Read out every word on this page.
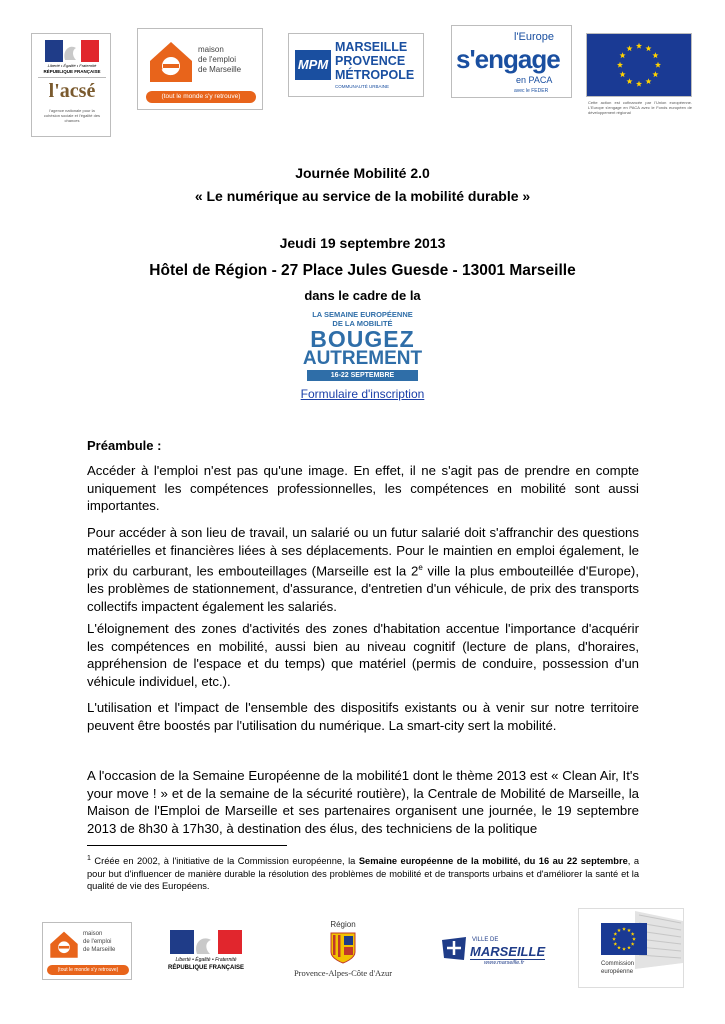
Liberté • Égalité • Fraternité
RÉPUBLIQUE FRANÇAISE
l'acsé
l'agence nationale pour la cohésion sociale et l'égalité des chances
maison
de l'emploi
de Marseille
(tout le monde s'y retrouve)
MPM
MARSEILLE
PROVENCE
MÉTROPOLE
COMMUNAUTÉ URBAINE
l'Europe
s'engage
en PACA
avec le FEDER
Cette action est cofinancée par l'Union européenne. L'Europe s'engage en PACA avec le Fonds européen de développement régional
Journée Mobilité 2.0
« Le numérique au service de la mobilité durable »
Jeudi 19 septembre 2013
Hôtel de Région - 27 Place Jules Guesde - 13001 Marseille
dans le cadre de la
LA SEMAINE EUROPÉENNE
DE LA MOBILITÉ
BOUGEZ
AUTREMENT
16-22 SEPTEMBRE
Formulaire d'inscription
Préambule :
Accéder à l'emploi n'est pas qu'une image. En effet, il ne s'agit pas de prendre en compte uniquement les compétences professionnelles, les compétences en mobilité sont aussi importantes.
Pour accéder à son lieu de travail, un salarié ou un futur salarié doit s'affranchir des questions matérielles et financières liées à ses déplacements. Pour le maintien en emploi également, le prix du carburant, les embouteillages (Marseille est la 2e ville la plus embouteillée d'Europe), les problèmes de stationnement, d'assurance, d'entretien d'un véhicule, de prix des transports collectifs impactent également les salariés.
L'éloignement des zones d'activités des zones d'habitation accentue l'importance d'acquérir les compétences en mobilité, aussi bien au niveau cognitif (lecture de plans, d'horaires, appréhension de l'espace et du temps) que matériel (permis de conduire, possession d'un véhicule individuel, etc.).
L'utilisation et l'impact de l'ensemble des dispositifs existants ou à venir sur notre territoire peuvent être boostés par l'utilisation du numérique. La smart-city sert la mobilité.
A l'occasion de la Semaine Européenne de la mobilité1 dont le thème 2013 est « Clean Air, It's your move ! » et de la semaine de la sécurité routière), la Centrale de Mobilité de Marseille, la Maison de l'Emploi de Marseille et ses partenaires organisent une journée, le 19 septembre 2013 de 8h30 à 17h30, à destination des élus, des techniciens de la politique
$^1$ Créée en 2002, à l'initiative de la Commission européenne, la Semaine européenne de la mobilité, du 16 au 22 septembre, a pour but d'influencer de manière durable la résolution des problèmes de mobilité et de transports urbains et d'améliorer la santé et la qualité de vie des Européens.
maison
de l'emploi
de Marseille
(tout le monde s'y retrouve)
Liberté • Égalité • Fraternité
RÉPUBLIQUE FRANÇAISE
Région
Provence-Alpes-Côte d'Azur
VILLE DE
MARSEILLE
www.marseille.fr	Commission
européenne
